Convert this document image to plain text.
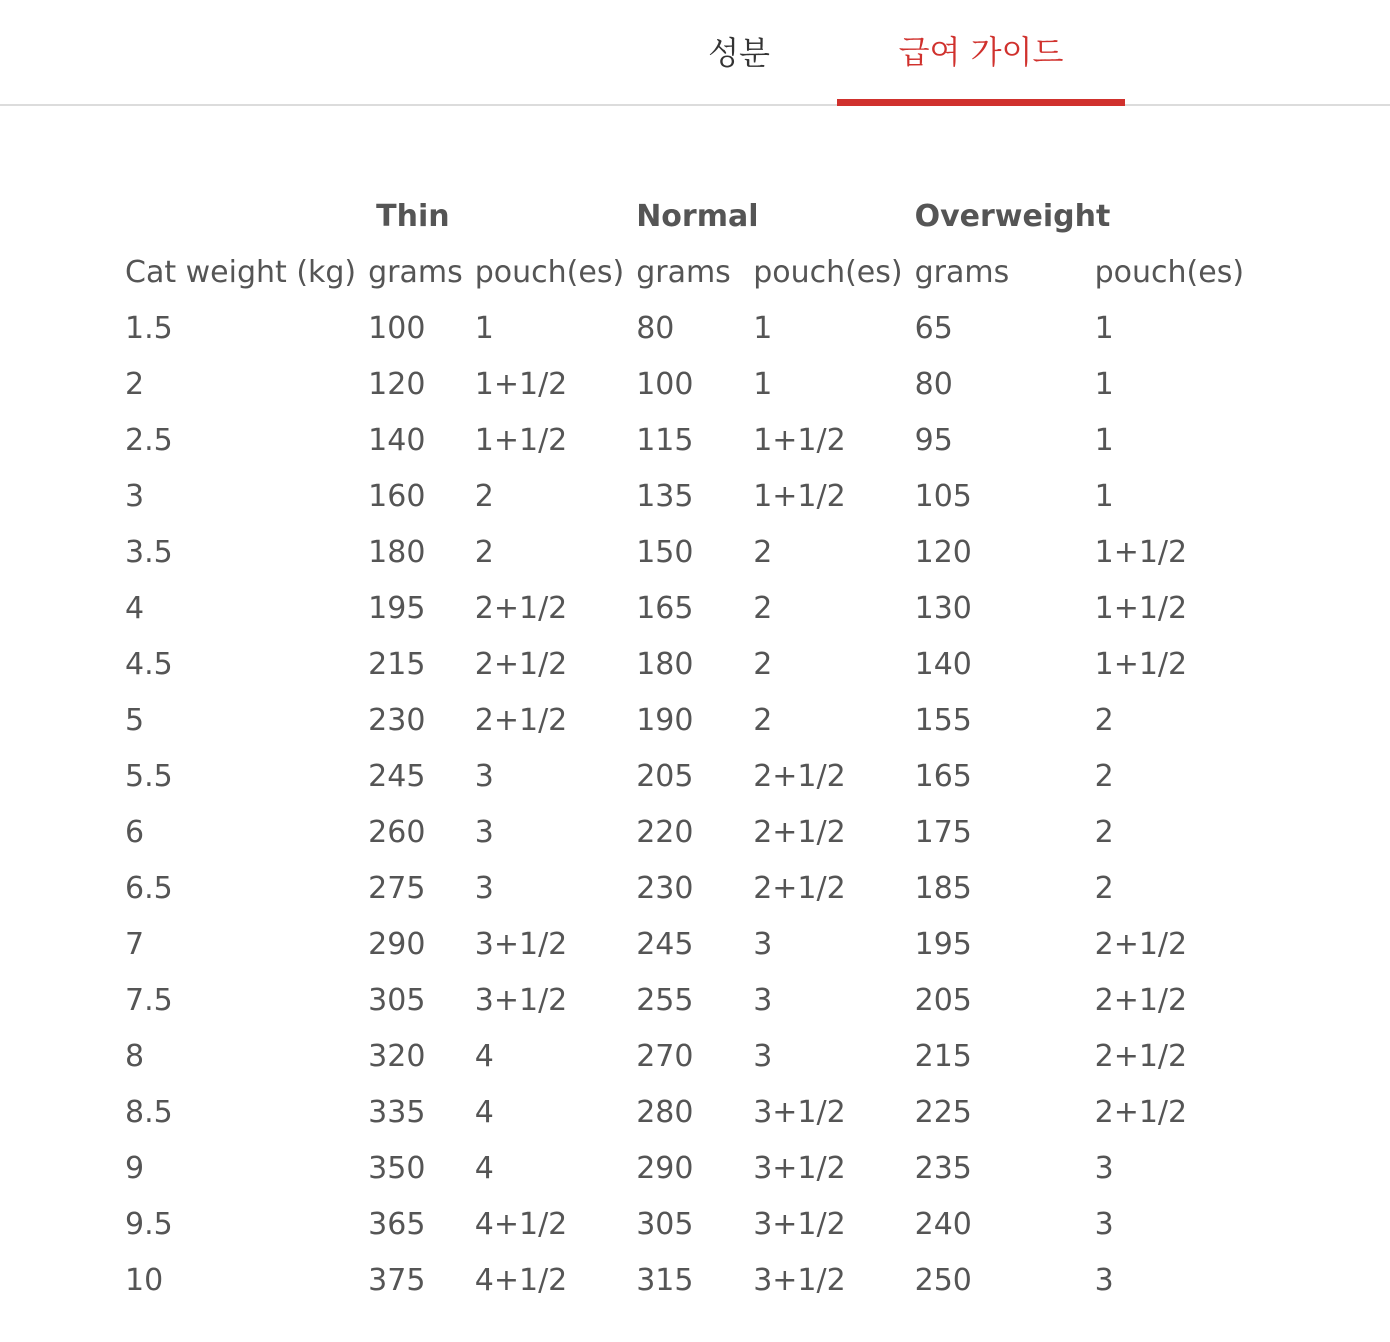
성분	급여 가이드
	Thin		Normal		Overweight	
Cat weight (kg)	grams	pouch(es)	grams	pouch(es)	grams	pouch(es)
1.5	100	1	80	1	65	1
2	120	1+1/2	100	1	80	1
2.5	140	1+1/2	115	1+1/2	95	1
3	160	2	135	1+1/2	105	1
3.5	180	2	150	2	120	1+1/2
4	195	2+1/2	165	2	130	1+1/2
4.5	215	2+1/2	180	2	140	1+1/2
5	230	2+1/2	190	2	155	2
5.5	245	3	205	2+1/2	165	2
6	260	3	220	2+1/2	175	2
6.5	275	3	230	2+1/2	185	2
7	290	3+1/2	245	3	195	2+1/2
7.5	305	3+1/2	255	3	205	2+1/2
8	320	4	270	3	215	2+1/2
8.5	335	4	280	3+1/2	225	2+1/2
9	350	4	290	3+1/2	235	3
9.5	365	4+1/2	305	3+1/2	240	3
10	375	4+1/2	315	3+1/2	250	3
